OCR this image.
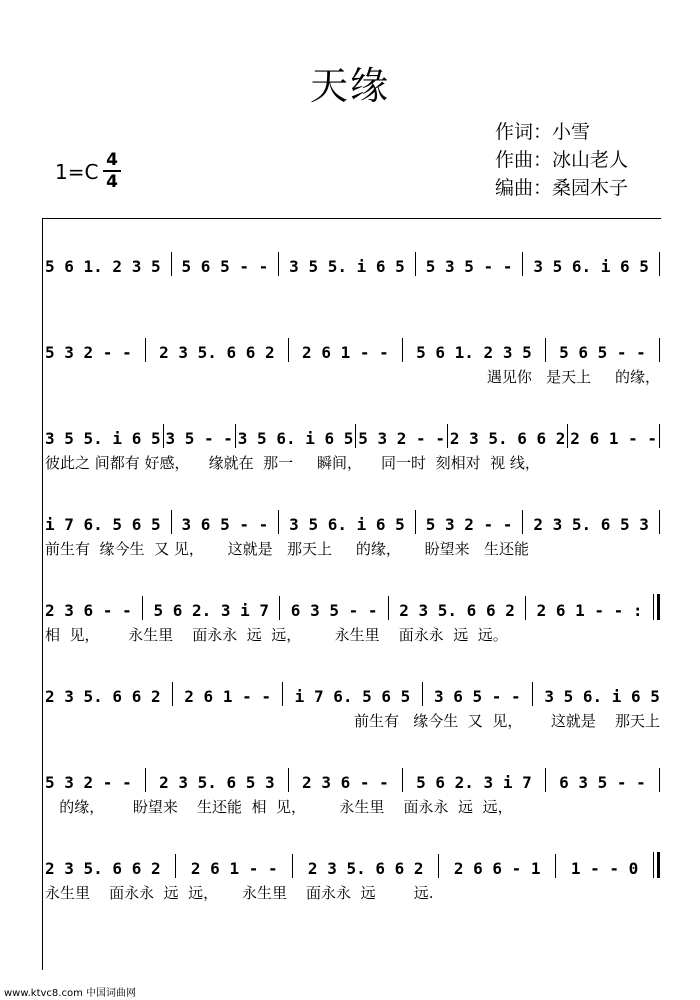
天缘
作词：小雪
作曲：冰山老人
编曲：桑园木子
$1=C \frac{4}{4}$
5 6 1. 2 3 5 5 6 5 - - 3 5 5. i 6 5 5 3 5 - - 3 5 6. i 6 5
5 3 2 - - 2 3 5. 6 6 2 2 6 1 - - 5 6 1. 2 3 5 5 6 5 - -
遇见你   是天上     的缘，
3 5 5. i 6 5 3 5 - - 3 5 6. i 6 5 5 3 2 - - 2 3 5. 6 6 2 2 6 1 - -
彼此之 间都有 好感，    缘就在  那一     瞬间，    同一时  刻相对  视 线，
i 7 6. 5 6 5 3 6 5 - - 3 5 6. i 6 5 5 3 2 - - 2 3 5. 6 5 3
前生有  缘今生  又 见，     这就是   那天上     的缘，     盼望来   生还能
2 3 6 - - 5 6 2. 3 i 7 6 3 5 - - 2 3 5. 6 6 2 2 6 1 - - :
相  见，      永生里    面永永  远  远，       永生里    面永永  远  远。
2 3 5. 6 6 2 2 6 1 - - i 7 6. 5 6 5 3 6 5 - - 3 5 6. i 6 5
前生有   缘今生  又  见，      这就是    那天上
5 3 2 - - 2 3 5. 6 5 3 2 3 6 - - 5 6 2. 3 i 7 6 3 5 - -
的缘，      盼望来    生还能  相  见，       永生里    面永永  远  远，
2 3 5. 6 6 2 2 6 1 - - 2 3 5. 6 6 2 2 6 6 - 1 1 - - 0
永生里    面永永  远  远，     永生里    面永永  远        远.
www.ktvc8.com 中国词曲网
